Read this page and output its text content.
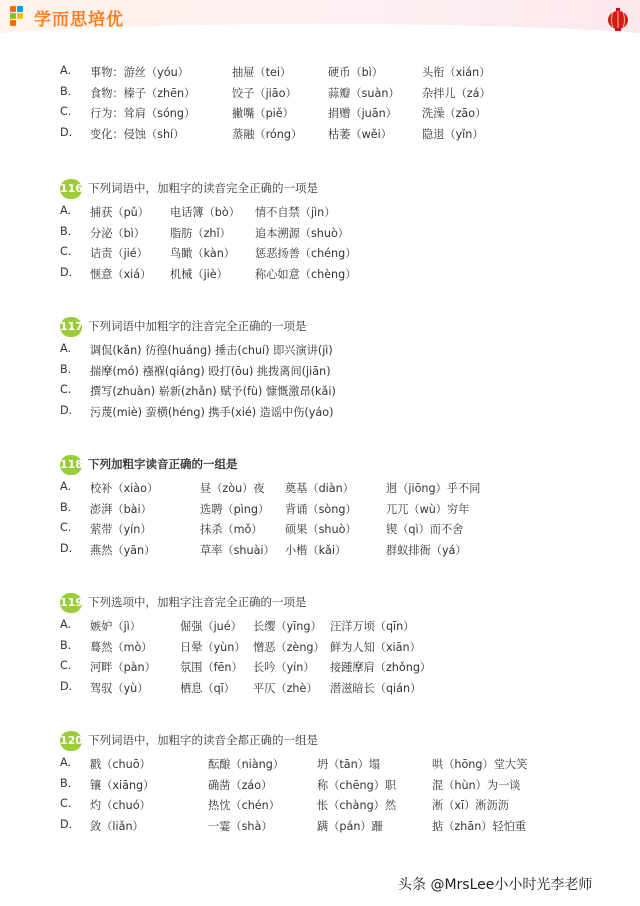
学而思培优
A. 事物：游丝（yóu）	抽屉（tei）	硬币（bì）	头衔（xián）
B. 食物：榛子（zhēn）	饺子（jiāo）	蒜瓣（suàn） 杂拌儿（zá）
C. 行为：耸肩（sóng）	撇嘴（piě）	捐赠（juān） 洗澡（zāo）
D. 变化：侵蚀（shí）	蒸融（róng） 枯萎（wěi）	隐退（yǐn）
116 下列词语中，加粗字的读音完全正确的一项是
A. 捕获（pǔ） 电话簿（bò） 情不自禁（jìn）
B. 分泌（bì） 脂肪（zhǐ） 追本溯源（shuò）
C. 诘责（jié） 鸟瞰（kàn） 惩恶扬善（chéng）
D. 惬意（xiá） 机械（jiè） 称心如意（chèng）
117 下列词语中加粗字的注音完全正确的一项是
A. 调侃(kǎn) 彷徨(huáng) 捶击(chuí) 即兴演讲(jì)
B. 揣摩(mó) 襁褓(qiáng) 殴打(ōu) 挑拨离间(jiān)
C. 撰写(zhuàn) 崭新(zhǎn) 赋予(fù) 慷慨激昂(kǎi)
D. 污蔑(miè) 蛮横(héng) 携手(xié) 造谣中伤(yáo)
118 下列加粗字读音正确的一组是
A. 校补（xiào）	昼（zòu）夜 奠基（diàn）	迥（jiōng）乎不同
B. 澎湃（bài）	选聘（pìng） 背诵（sòng）	兀兀（wù）穷年
C. 萦带（yín）	抹杀（mǒ） 硕果（shuò）	锲（qì）而不舍
D. 燕然（yān）	草率（shuài） 小楷（kǎi）	群蚁排衙（yá）
119 下列选项中，加粗字注音完全正确的一项是
A. 嫉妒（jì）	倔强（jué） 长缨（yīng） 汪洋万顷（qīn）
B. 蓦然（mò） 日晕（yùn） 憎恶（zèng） 鲜为人知（xiān）
C. 河畔（pàn） 氛围（fēn） 长吟（yín） 接踵摩肩（zhǒng）
D. 驾驭（yù）	栖息（qī） 平仄（zhè） 潜滋暗长（qián）
120 下列词语中，加粗字的读音全都正确的一组是
A. 戳（chuō）	酝酿（niàng）	坍（tān）塌	哄（hōng）堂大笑
B. 镶（xiāng）	确凿（záo）	称（chēng）职	混（hùn）为一谈
C. 灼（chuó）	热忱（chén）	怅（chàng）然	淅（xī）淅沥沥
D. 敛（liǎn）	一霎（shà）	蹒（pán）跚	掂（zhān）轻怕重
头条 @MrsLee小小时光李老师
